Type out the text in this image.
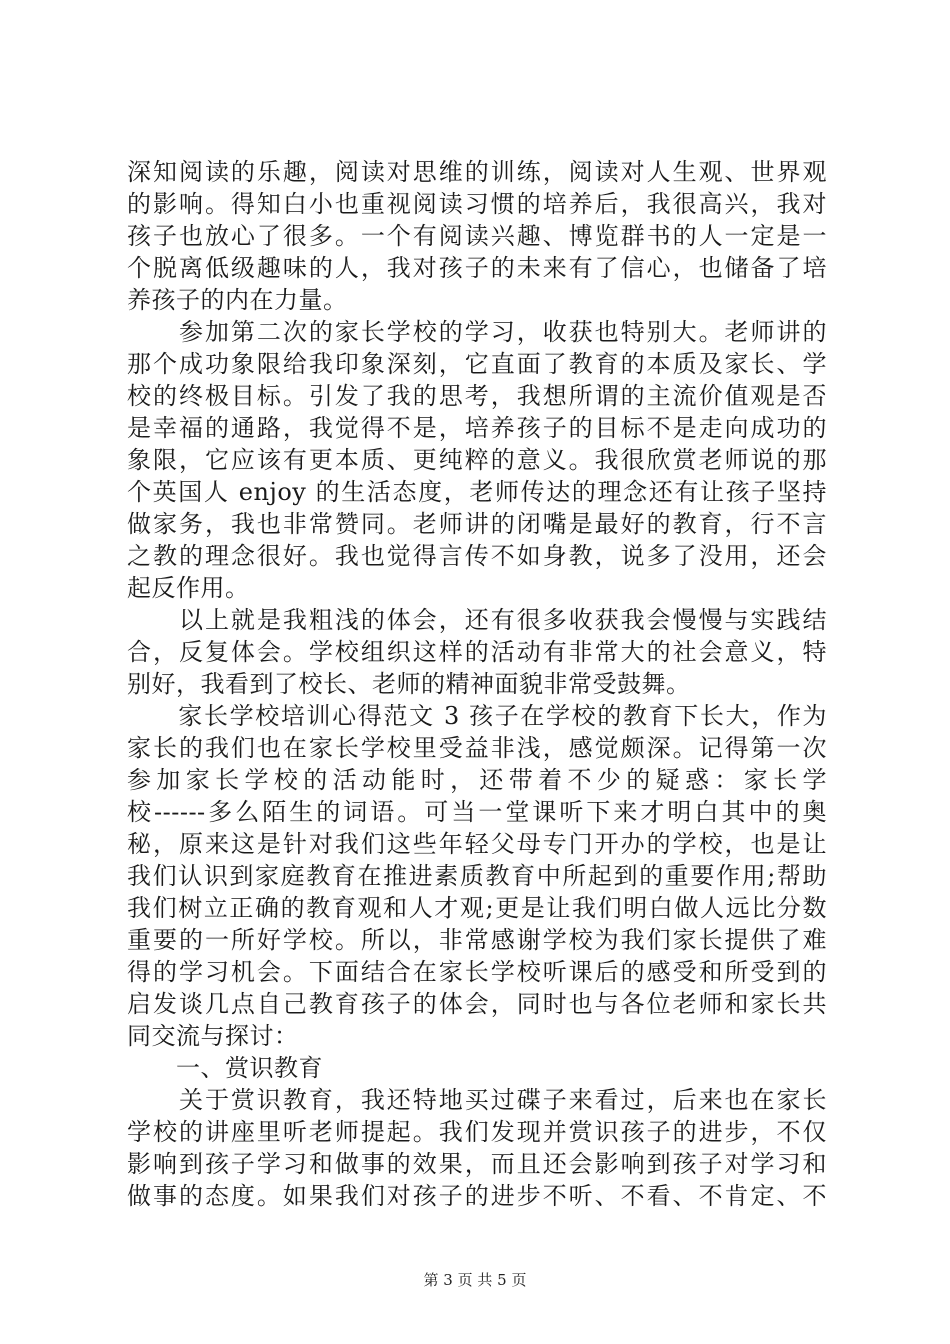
深知阅读的乐趣，阅读对思维的训练，阅读对人生观、世界观
的影响。得知白小也重视阅读习惯的培养后，我很高兴，我对
孩子也放心了很多。一个有阅读兴趣、博览群书的人一定是一
个脱离低级趣味的人，我对孩子的未来有了信心，也储备了培
养孩子的内在力量。
　　参加第二次的家长学校的学习，收获也特别大。老师讲的
那个成功象限给我印象深刻，它直面了教育的本质及家长、学
校的终极目标。引发了我的思考，我想所谓的主流价值观是否
是幸福的通路，我觉得不是，培养孩子的目标不是走向成功的
象限，它应该有更本质、更纯粹的意义。我很欣赏老师说的那
个英国人 enjoy 的生活态度，老师传达的理念还有让孩子坚持
做家务，我也非常赞同。老师讲的闭嘴是最好的教育，行不言
之教的理念很好。我也觉得言传不如身教，说多了没用，还会
起反作用。
　　以上就是我粗浅的体会，还有很多收获我会慢慢与实践结
合，反复体会。学校组织这样的活动有非常大的社会意义，特
别好，我看到了校长、老师的精神面貌非常受鼓舞。
　　家长学校培训心得范文 3 孩子在学校的教育下长大，作为
家长的我们也在家长学校里受益非浅，感觉颇深。记得第一次
参加家长学校的活动能时，还带着不少的疑惑：家长学
校------多么陌生的词语。可当一堂课听下来才明白其中的奥
秘，原来这是针对我们这些年轻父母专门开办的学校，也是让
我们认识到家庭教育在推进素质教育中所起到的重要作用;帮助
我们树立正确的教育观和人才观;更是让我们明白做人远比分数
重要的一所好学校。所以，非常感谢学校为我们家长提供了难
得的学习机会。下面结合在家长学校听课后的感受和所受到的
启发谈几点自己教育孩子的体会，同时也与各位老师和家长共
同交流与探讨：
　　一、赏识教育
　　关于赏识教育，我还特地买过碟子来看过，后来也在家长
学校的讲座里听老师提起。我们发现并赏识孩子的进步，不仅
影响到孩子学习和做事的效果，而且还会影响到孩子对学习和
做事的态度。如果我们对孩子的进步不听、不看、不肯定、不
第 3 页 共 5 页
